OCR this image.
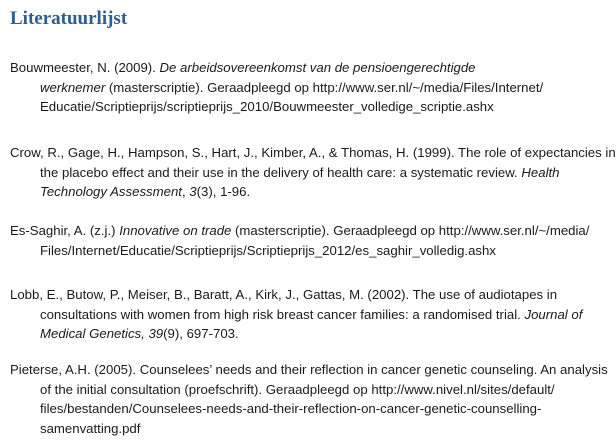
Literatuurlijst

Bouwmeester, N. (2009). De arbeidsovereenkomst van de pensioengerechtigde
werknemer (masterscriptie). Geraadpleegd op http://www.ser.nl/~/media/Files/Internet/
Educatie/Scriptieprijs/scriptieprijs_2010/Bouwmeester_volledige_scriptie.ashx

Crow, R., Gage, H., Hampson, S., Hart, J., Kimber, A., & Thomas, H. (1999). The role of expectancies in
the placebo effect and their use in the delivery of health care: a systematic review. Health
Technology Assessment, 3(3), 1-96.

Es-Saghir, A. (z.j.) Innovative on trade (masterscriptie). Geraadpleegd op http://www.ser.nl/~/media/
Files/Internet/Educatie/Scriptieprijs/Scriptieprijs_2012/es_saghir_volledig.ashx

Lobb, E., Butow, P., Meiser, B., Baratt, A., Kirk, J., Gattas, M. (2002). The use of audiotapes in
consultations with women from high risk breast cancer families: a randomised trial. Journal of
Medical Genetics, 39(9), 697-703.

Pieterse, A.H. (2005). Counselees’ needs and their reflection in cancer genetic counseling. An analysis
of the initial consultation (proefschrift). Geraadpleegd op http://www.nivel.nl/sites/default/
files/bestanden/Counselees-needs-and-their-reflection-on-cancer-genetic-counselling-
samenvatting.pdf
